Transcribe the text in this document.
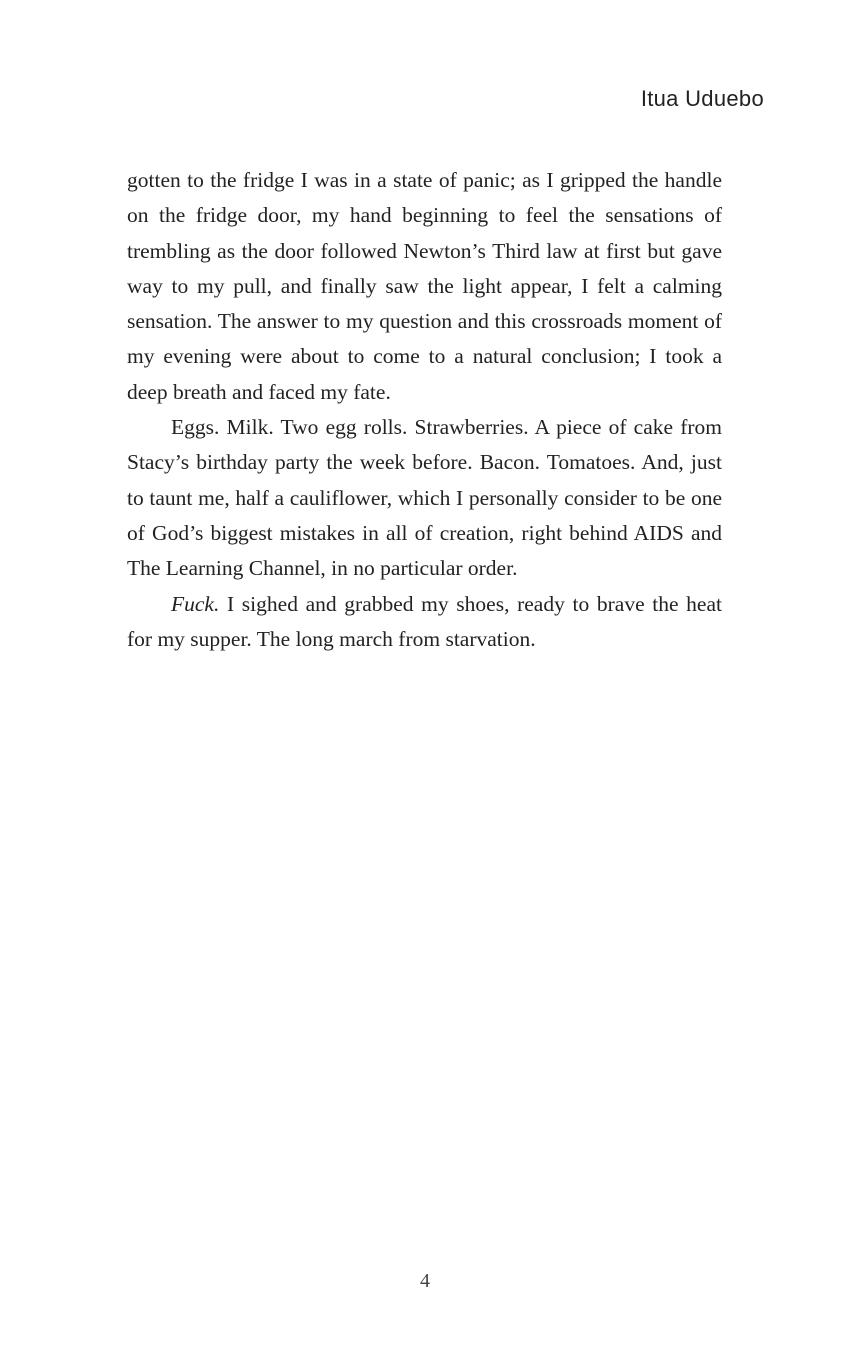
Itua Uduebo

gotten to the fridge I was in a state of panic; as I gripped the handle on the fridge door, my hand beginning to feel the sensations of trembling as the door followed Newton’s Third law at first but gave way to my pull, and finally saw the light appear, I felt a calming sensation. The answer to my question and this crossroads moment of my evening were about to come to a natural conclusion; I took a deep breath and faced my fate.

Eggs. Milk. Two egg rolls. Strawberries. A piece of cake from Stacy’s birthday party the week before. Bacon. Tomatoes. And, just to taunt me, half a cauliflower, which I personally consider to be one of God’s biggest mistakes in all of creation, right behind AIDS and The Learning Channel, in no particular order.

Fuck. I sighed and grabbed my shoes, ready to brave the heat for my supper. The long march from starvation.

4
